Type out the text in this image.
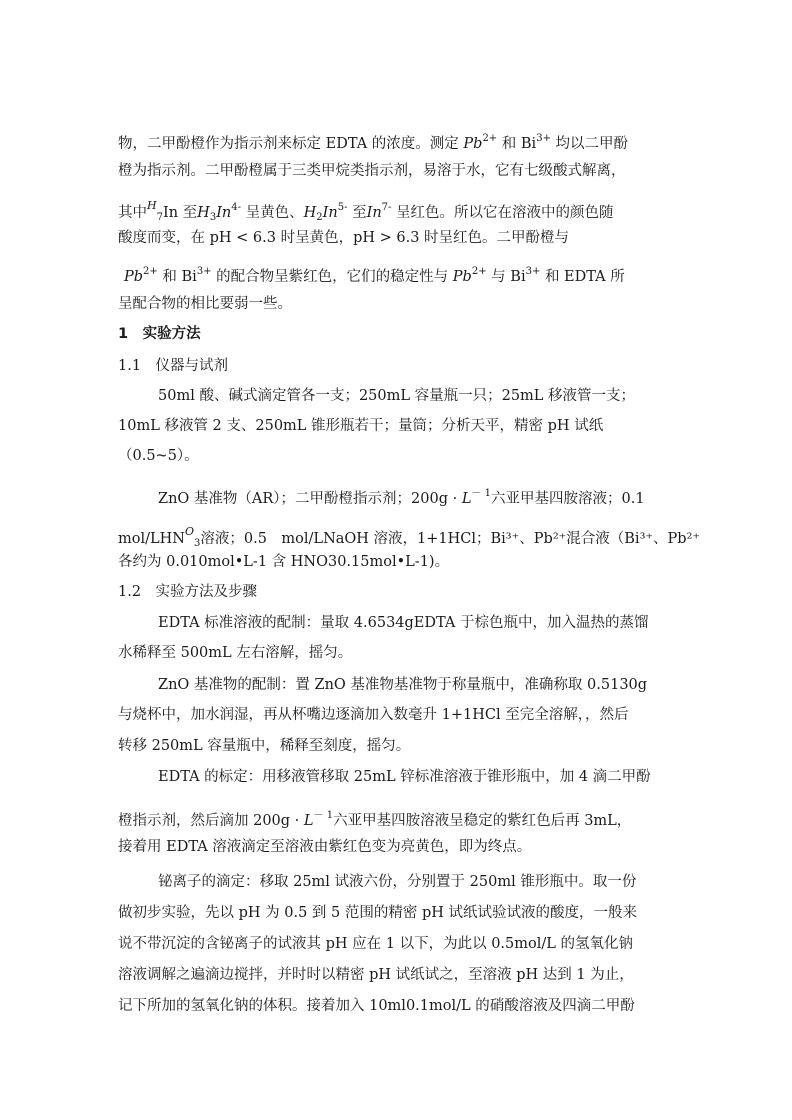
物，二甲酚橙作为指示剂来标定 EDTA 的浓度。测定 $Pb^{2+}$ 和 $Bi^{3+}$ 均以二甲酚
橙为指示剂。二甲酚橙属于三类甲烷类指示剂，易溶于水，它有七级酸式解离，
其中$^H_7$In 至$H_3In^{4-}$ 呈黄色、$H_2In^{5-}$ 至$In^{7-}$ 呈红色。所以它在溶液中的颜色随
酸度而变，在 pH < 6.3 时呈黄色，pH > 6.3 时呈红色。二甲酚橙与
$Pb^{2+}$ 和 $Bi^{3+}$ 的配合物呈紫红色，它们的稳定性与 $Pb^{2+}$ 与 $Bi^{3+}$ 和 EDTA 所
呈配合物的相比要弱一些。
1　实验方法
1.1　仪器与试剂
50ml 酸、碱式滴定管各一支；250mL 容量瓶一只；25mL 移液管一支；
10mL 移液管 2 支、250mL 锥形瓶若干；量筒；分析天平，精密 pH 试纸
（0.5~5）。
ZnO 基准物（AR）；二甲酚橙指示剂；$200g \cdot L^{- 1}$六亚甲基四胺溶液；0.1
mol/$LHN^O_3$溶液；0.5　mol/LNaOH 溶液，1+1HCl；Bi³⁺、Pb²⁺混合液（Bi³⁺、Pb²⁺
各约为 0.010mol•L-1 含 HNO30.15mol•L-1)。
1.2　实验方法及步骤
EDTA 标准溶液的配制：量取 4.6534gEDTA 于棕色瓶中，加入温热的蒸馏
水稀释至 500mL 左右溶解，摇匀。
ZnO 基准物的配制：置 ZnO 基准物基准物于称量瓶中，准确称取 0.5130g
与烧杯中，加水润湿，再从杯嘴边逐滴加入数毫升 1+1HCl 至完全溶解，，然后
转移 250mL 容量瓶中，稀释至刻度，摇匀。
EDTA 的标定：用移液管移取 25mL 锌标准溶液于锥形瓶中，加 4 滴二甲酚
橙指示剂，然后滴加 $200g \cdot L^{- 1}$六亚甲基四胺溶液呈稳定的紫红色后再 3mL，
接着用 EDTA 溶液滴定至溶液由紫红色变为亮黄色，即为终点。
铋离子的滴定：移取 25ml 试液六份，分别置于 250ml 锥形瓶中。取一份
做初步实验，先以 pH 为 0.5 到 5 范围的精密 pH 试纸试验试液的酸度，一般来
说不带沉淀的含铋离子的试液其 pH 应在 1 以下，为此以 0.5mol/L 的氢氧化钠
溶液调解之遍滴边搅拌，并时时以精密 pH 试纸试之，至溶液 pH 达到 1 为止，
记下所加的氢氧化钠的体积。接着加入 10ml0.1mol/L 的硝酸溶液及四滴二甲酚
